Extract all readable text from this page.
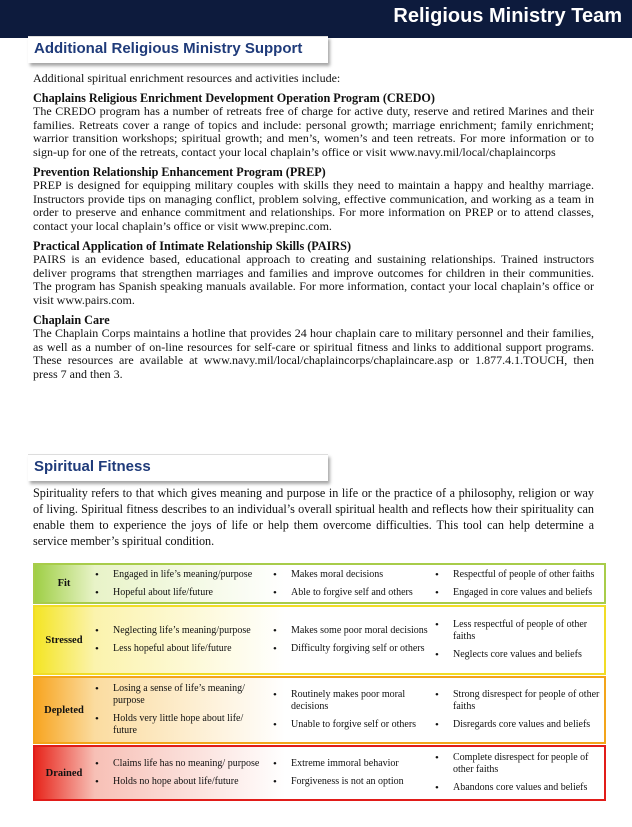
Religious Ministry Team
Additional Religious Ministry Support

Additional spiritual enrichment resources and activities include:

Chaplains Religious Enrichment Development Operation Program (CREDO)

The CREDO program has a number of retreats free of charge for active duty, reserve and retired Marines and their families. Retreats cover a range of topics and include: personal growth; marriage enrichment; family enrichment; warrior transition workshops; spiritual growth; and men’s, women’s and teen retreats. For more information or to sign-up for one of the retreats, contact your local chaplain’s office or visit www.navy.mil/local/chaplaincorps

Prevention Relationship Enhancement Program (PREP)

PREP is designed for equipping military couples with skills they need to maintain a happy and healthy marriage. Instructors provide tips on managing conflict, problem solving, effective communication, and working as a team in order to preserve and enhance commitment and relationships. For more information on PREP or to attend classes, contact your local chaplain’s office or visit www.prepinc.com.

Practical Application of Intimate Relationship Skills (PAIRS)

PAIRS is an evidence based, educational approach to creating and sustaining relationships. Trained instructors deliver programs that strengthen marriages and families and improve outcomes for children in their communities. The program has Spanish speaking manuals available. For more information, contact your local chaplain’s office or visit www.pairs.com.

Chaplain Care

The Chaplain Corps maintains a hotline that provides 24 hour chaplain care to military personnel and their families, as well as a number of on-line resources for self-care or spiritual fitness and links to additional support programs. These resources are available at www.navy.mil/local/chaplaincorps/chaplaincare.asp or 1.877.4.1.TOUCH, then press 7 and then 3.

Spiritual Fitness

Spirituality refers to that which gives meaning and purpose in life or the practice of a philosophy, religion or way of living. Spiritual fitness describes to an individual’s overall spiritual health and reflects how their spirituality can enable them to experience the joys of life or help them overcome difficulties. This tool can help determine a service member’s spiritual condition.

Fit
• Engaged in life’s meaning/purpose
• Hopeful about life/future
• Makes moral decisions
• Able to forgive self and others
• Respectful of people of other faiths
• Engaged in core values and beliefs
Stressed
• Neglecting life’s meaning/purpose
• Less hopeful about life/future
• Makes some poor moral decisions
• Difficulty forgiving self or others
• Less respectful of people of other faiths
• Neglects core values and beliefs
Depleted
• Losing a sense of life’s meaning/ purpose
• Holds very little hope about life/ future
• Routinely makes poor moral decisions
• Unable to forgive self or others
• Strong disrespect for people of other faiths
• Disregards core values and beliefs
Drained
• Claims life has no meaning/ purpose
• Holds no hope about life/future
• Extreme immoral behavior
• Forgiveness is not an option
• Complete disrespect for people of other faiths
• Abandons core values and beliefs
